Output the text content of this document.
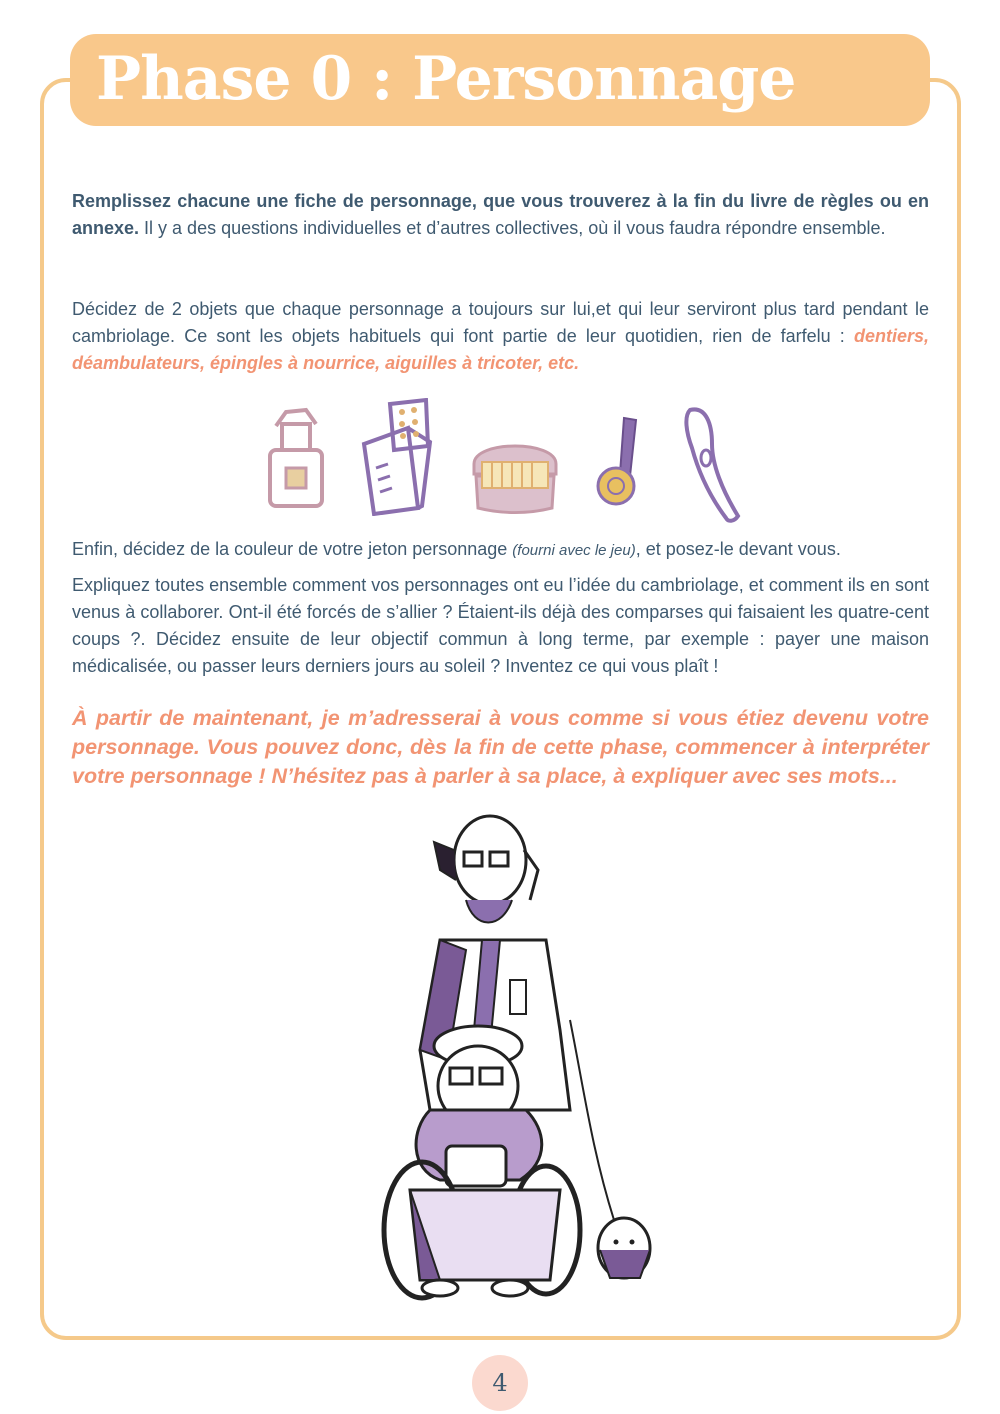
Phase 0 : Personnage

Remplissez chacune une fiche de personnage, que vous trouverez à la fin du livre de règles ou en annexe. Il y a des questions individuelles et d’autres collectives, où il vous faudra répondre ensemble.

Décidez de 2 objets que chaque personnage a toujours sur lui,et qui leur serviront plus tard pendant le cambriolage. Ce sont les objets habituels qui font partie de leur quotidien, rien de farfelu : dentiers, déambulateurs, épingles à nourrice, aiguilles à tricoter, etc.

Enfin, décidez de la couleur de votre jeton personnage (fourni avec le jeu), et posez-le devant vous.

Expliquez toutes ensemble comment vos personnages ont eu l’idée du cambriolage, et comment ils en sont venus à collaborer. Ont-il été forcés de s’allier ? Étaient-ils déjà des comparses qui faisaient les quatre-cent coups ?. Décidez ensuite de leur objectif commun à long terme, par exemple : payer une maison médicalisée, ou passer leurs derniers jours au soleil ? Inventez ce qui vous plaît !

À partir de maintenant, je m’adresserai à vous comme si vous étiez devenu votre personnage. Vous pouvez donc, dès la fin de cette phase, commencer à interpréter votre personnage ! N’hésitez pas à parler à sa place, à expliquer avec ses mots...

4
